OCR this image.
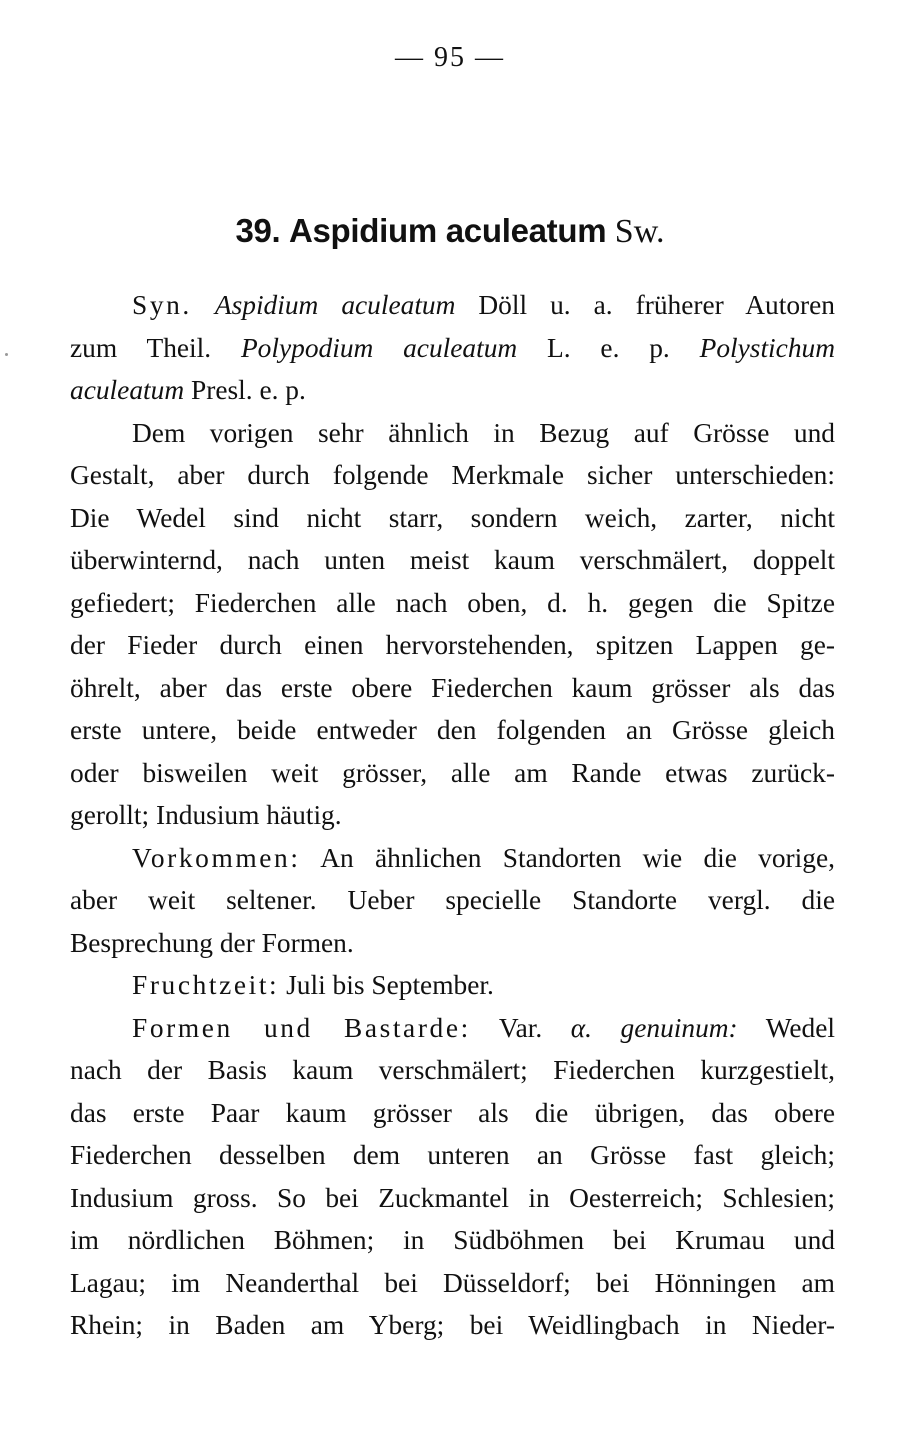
— 95 —
39. Aspidium aculeatum Sw.
Syn. Aspidium aculeatum Döll u. a. früherer Autoren
zum Theil. Polypodium aculeatum L. e. p. Polystichum
aculeatum Presl. e. p.
Dem vorigen sehr ähnlich in Bezug auf Grösse und
Gestalt, aber durch folgende Merkmale sicher unterschieden:
Die Wedel sind nicht starr, sondern weich, zarter, nicht
überwinternd, nach unten meist kaum verschmälert, doppelt
gefiedert; Fiederchen alle nach oben, d. h. gegen die Spitze
der Fieder durch einen hervorstehenden, spitzen Lappen ge-
öhrelt, aber das erste obere Fiederchen kaum grösser als das
erste untere, beide entweder den folgenden an Grösse gleich
oder bisweilen weit grösser, alle am Rande etwas zurück-
gerollt; Indusium häutig.
Vorkommen: An ähnlichen Standorten wie die vorige,
aber weit seltener. Ueber specielle Standorte vergl. die
Besprechung der Formen.
Fruchtzeit: Juli bis September.
Formen und Bastarde: Var. α. genuinum: Wedel
nach der Basis kaum verschmälert; Fiederchen kurzgestielt,
das erste Paar kaum grösser als die übrigen, das obere
Fiederchen desselben dem unteren an Grösse fast gleich;
Indusium gross. So bei Zuckmantel in Oesterreich; Schlesien;
im nördlichen Böhmen; in Südböhmen bei Krumau und
Lagau; im Neanderthal bei Düsseldorf; bei Hönningen am
Rhein; in Baden am Yberg; bei Weidlingbach in Nieder-
